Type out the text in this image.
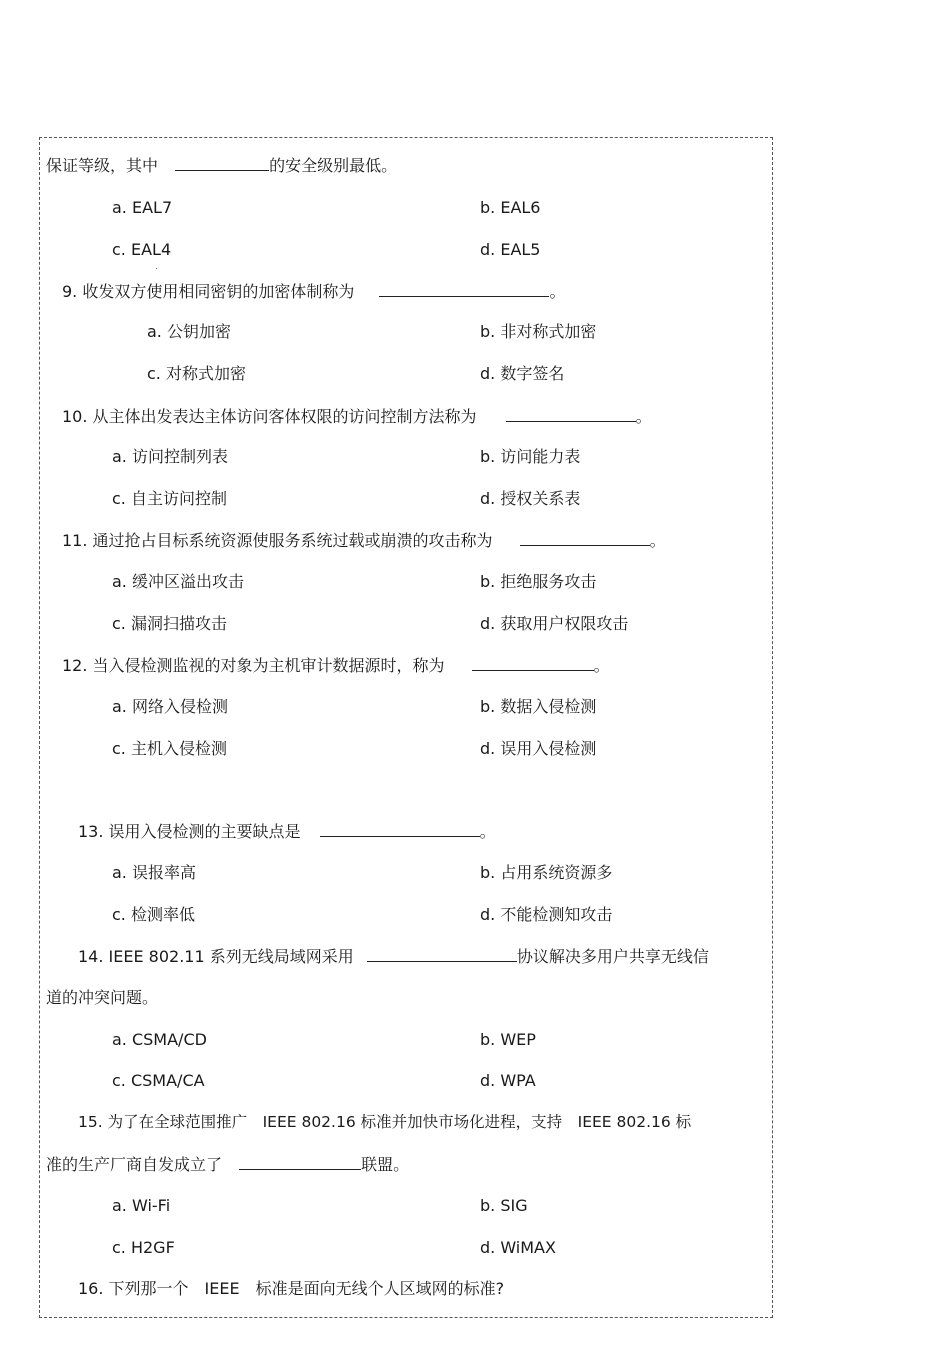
保证等级，其中	的安全级别最低。
a. EAL7	b. EAL6
c. EAL4	d. EAL5
9. 收发双方使用相同密钥的加密体制称为	。
a. 公钥加密	b. 非对称式加密
c. 对称式加密	d. 数字签名
10. 从主体出发表达主体访问客体权限的访问控制方法称为	。
a. 访问控制列表	b. 访问能力表
c. 自主访问控制	d. 授权关系表
11. 通过抢占目标系统资源使服务系统过载或崩溃的攻击称为	。
a. 缓冲区溢出攻击	b. 拒绝服务攻击
c. 漏洞扫描攻击	d. 获取用户权限攻击
12. 当入侵检测监视的对象为主机审计数据源时，称为	。
a. 网络入侵检测	b. 数据入侵检测
c. 主机入侵检测	d. 误用入侵检测
13. 误用入侵检测的主要缺点是	。
a. 误报率高	b. 占用系统资源多
c. 检测率低	d. 不能检测知攻击
14. IEEE 802.11 系列无线局域网采用	协议解决多用户共享无线信
道的冲突问题。
a. CSMA/CD	b. WEP
c. CSMA/CA	d. WPA
15. 为了在全球范围推广　IEEE 802.16 标准并加快市场化进程，支持　IEEE 802.16 标
准的生产厂商自发成立了	联盟。
a. Wi-Fi	b. SIG
c. H2GF	d. WiMAX
16. 下列那一个　IEEE　标准是面向无线个人区域网的标准?
